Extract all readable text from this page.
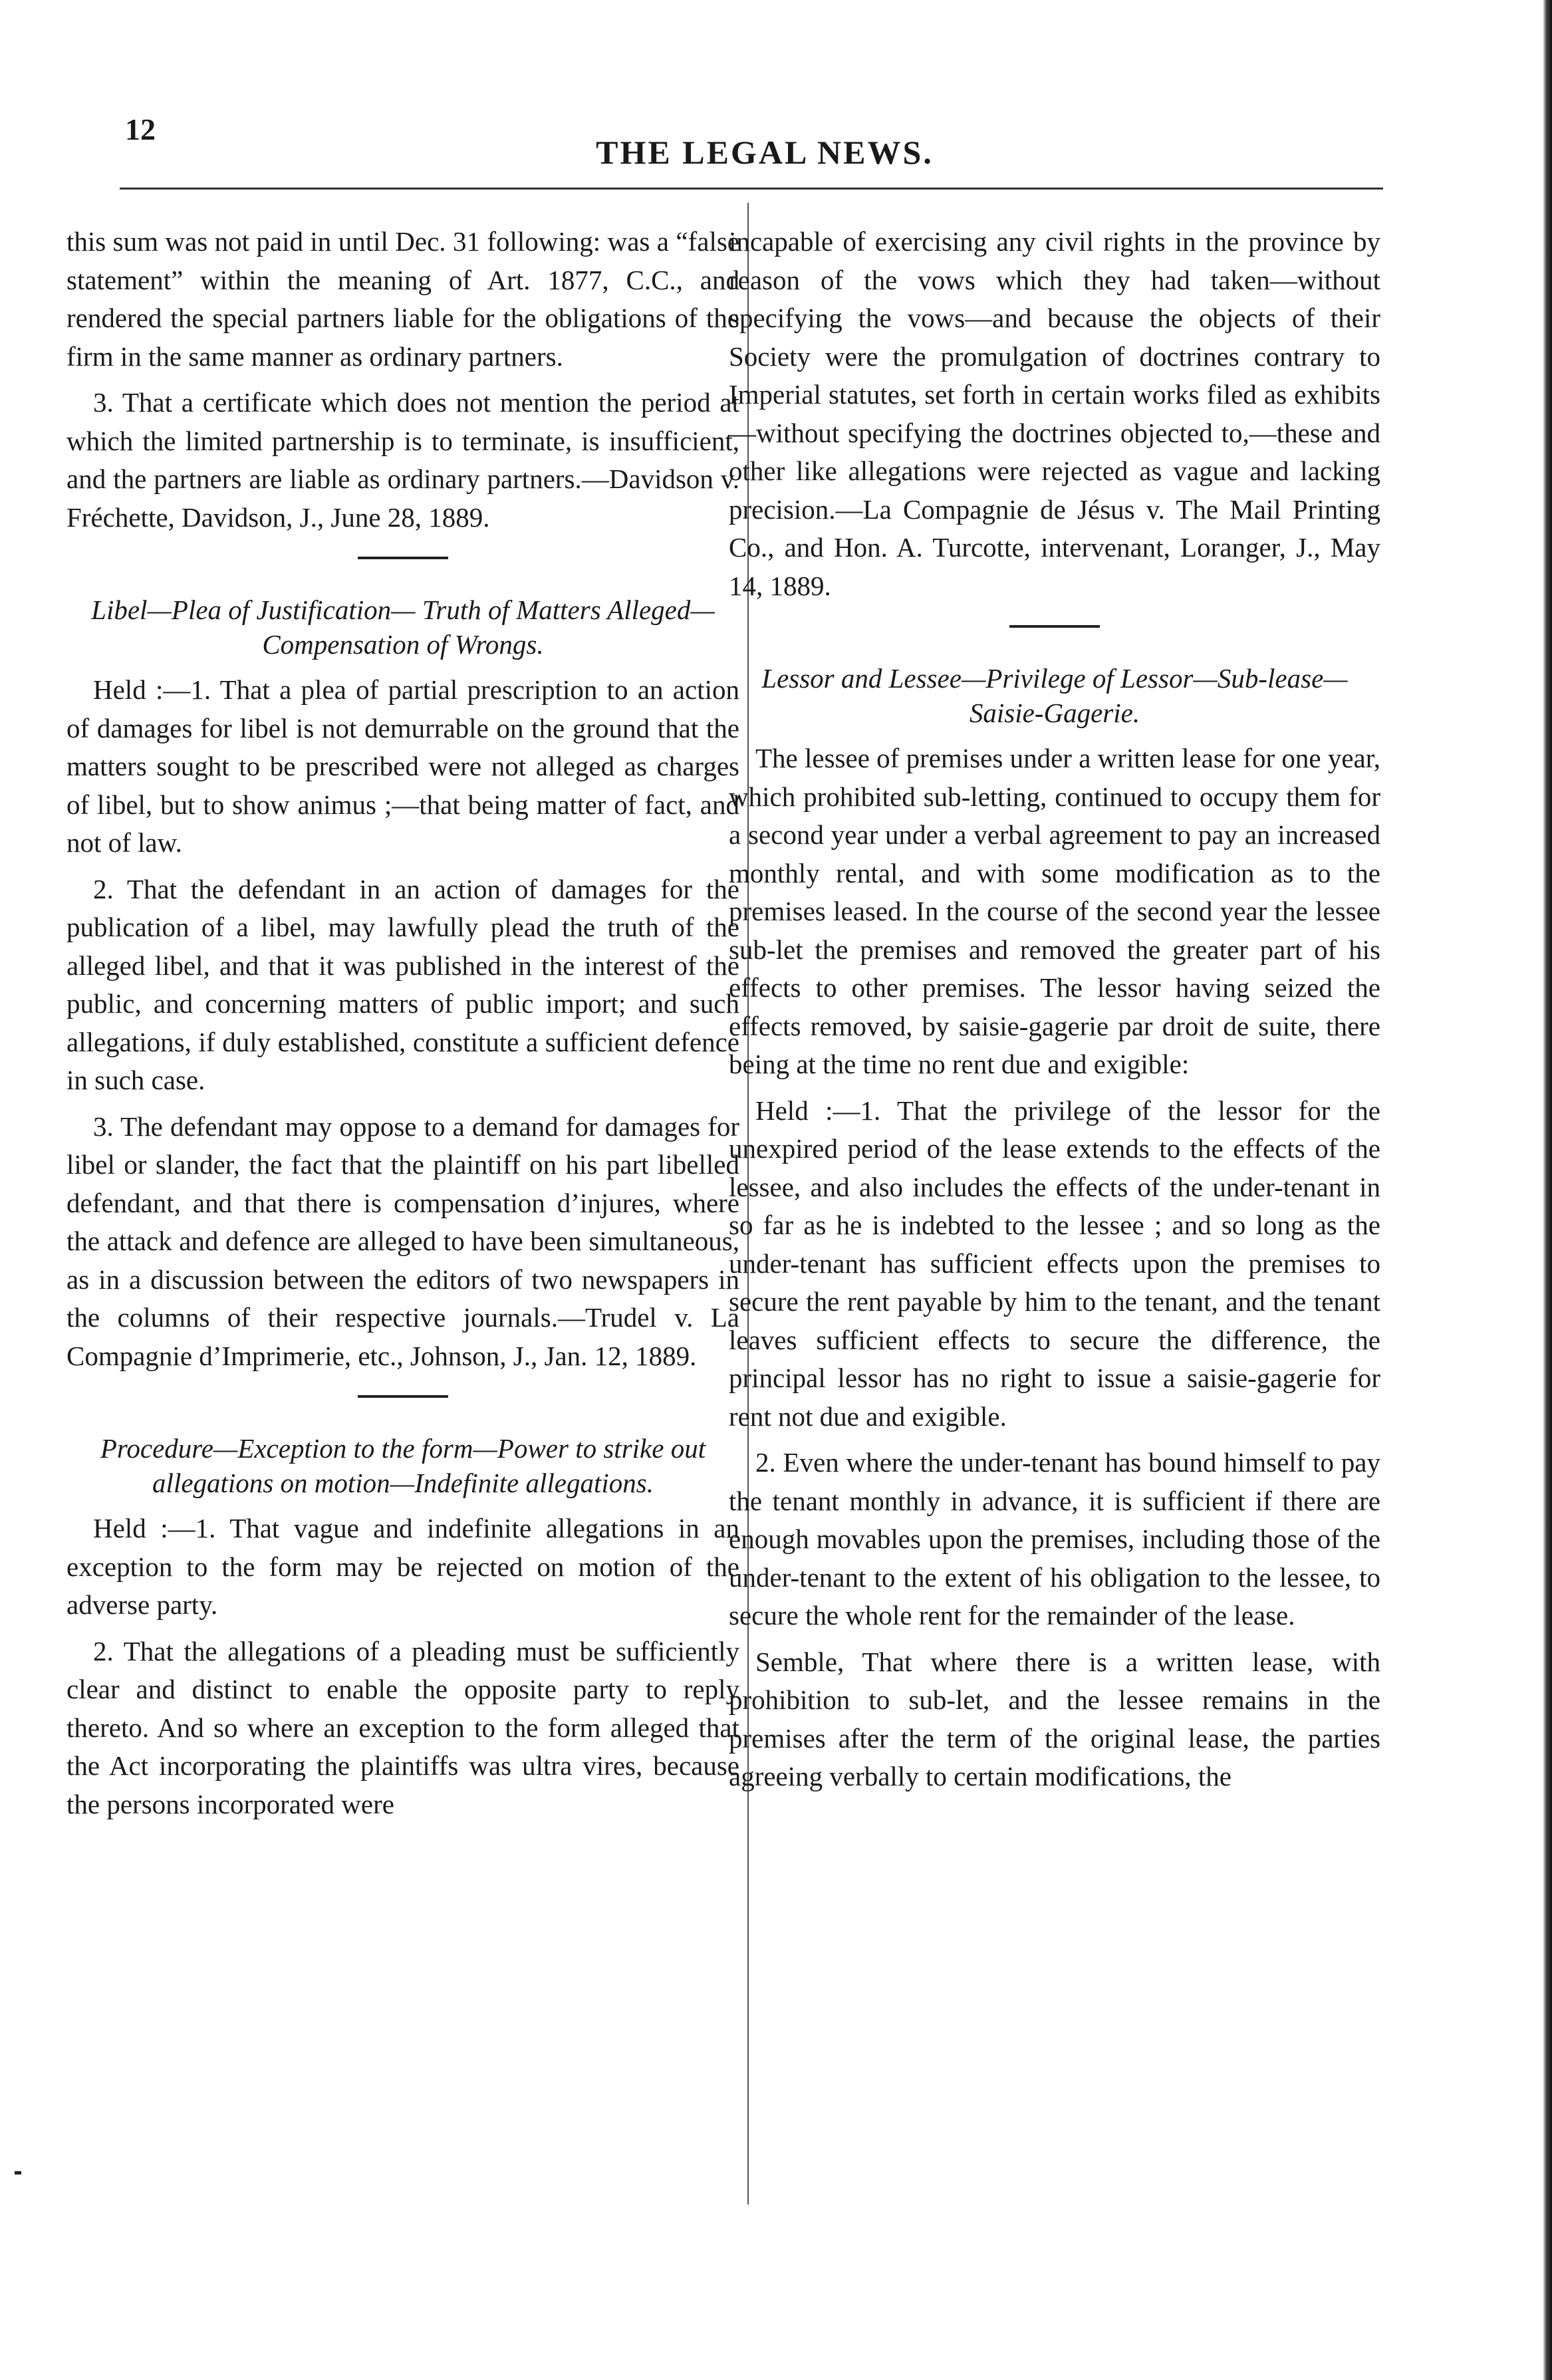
12
THE LEGAL NEWS.

this sum was not paid in until Dec. 31 following: was a “false statement” within the meaning of Art. 1877, C.C., and rendered the special partners liable for the obligations of the firm in the same manner as ordinary partners.

3. That a certificate which does not mention the period at which the limited partnership is to terminate, is insufficient, and the partners are liable as ordinary partners.—Davidson v. Fréchette, Davidson, J., June 28, 1889.

Libel—Plea of Justification— Truth of Matters Alleged—Compensation of Wrongs.

Held :—1. That a plea of partial prescription to an action of damages for libel is not demurrable on the ground that the matters sought to be prescribed were not alleged as charges of libel, but to show animus ;—that being matter of fact, and not of law.

2. That the defendant in an action of damages for the publication of a libel, may lawfully plead the truth of the alleged libel, and that it was published in the interest of the public, and concerning matters of public import; and such allegations, if duly established, constitute a sufficient defence in such case.

3. The defendant may oppose to a demand for damages for libel or slander, the fact that the plaintiff on his part libelled defendant, and that there is compensation d’injures, where the attack and defence are alleged to have been simultaneous, as in a discussion between the editors of two newspapers in the columns of their respective journals.—Trudel v. La Compagnie d’Imprimerie, etc., Johnson, J., Jan. 12, 1889.

Procedure—Exception to the form—Power to strike out allegations on motion—Indefinite allegations.

Held :—1. That vague and indefinite allegations in an exception to the form may be rejected on motion of the adverse party.

2. That the allegations of a pleading must be sufficiently clear and distinct to enable the opposite party to reply thereto. And so where an exception to the form alleged that the Act incorporating the plaintiffs was ultra vires, because the persons incorporated were

incapable of exercising any civil rights in the province by reason of the vows which they had taken—without specifying the vows—and because the objects of their Society were the promulgation of doctrines contrary to Imperial statutes, set forth in certain works filed as exhibits—without specifying the doctrines objected to,—these and other like allegations were rejected as vague and lacking precision.—La Compagnie de Jésus v. The Mail Printing Co., and Hon. A. Turcotte, intervenant, Loranger, J., May 14, 1889.

Lessor and Lessee—Privilege of Lessor—Sub-lease—Saisie-Gagerie.

The lessee of premises under a written lease for one year, which prohibited sub-letting, continued to occupy them for a second year under a verbal agreement to pay an increased monthly rental, and with some modification as to the premises leased. In the course of the second year the lessee sub-let the premises and removed the greater part of his effects to other premises. The lessor having seized the effects removed, by saisie-gagerie par droit de suite, there being at the time no rent due and exigible:

Held :—1. That the privilege of the lessor for the unexpired period of the lease extends to the effects of the lessee, and also includes the effects of the under-tenant in so far as he is indebted to the lessee ; and so long as the under-tenant has sufficient effects upon the premises to secure the rent payable by him to the tenant, and the tenant leaves sufficient effects to secure the difference, the principal lessor has no right to issue a saisie-gagerie for rent not due and exigible.

2. Even where the under-tenant has bound himself to pay the tenant monthly in advance, it is sufficient if there are enough movables upon the premises, including those of the under-tenant to the extent of his obligation to the lessee, to secure the whole rent for the remainder of the lease.

Semble, That where there is a written lease, with prohibition to sub-let, and the lessee remains in the premises after the term of the original lease, the parties agreeing verbally to certain modifications, the
